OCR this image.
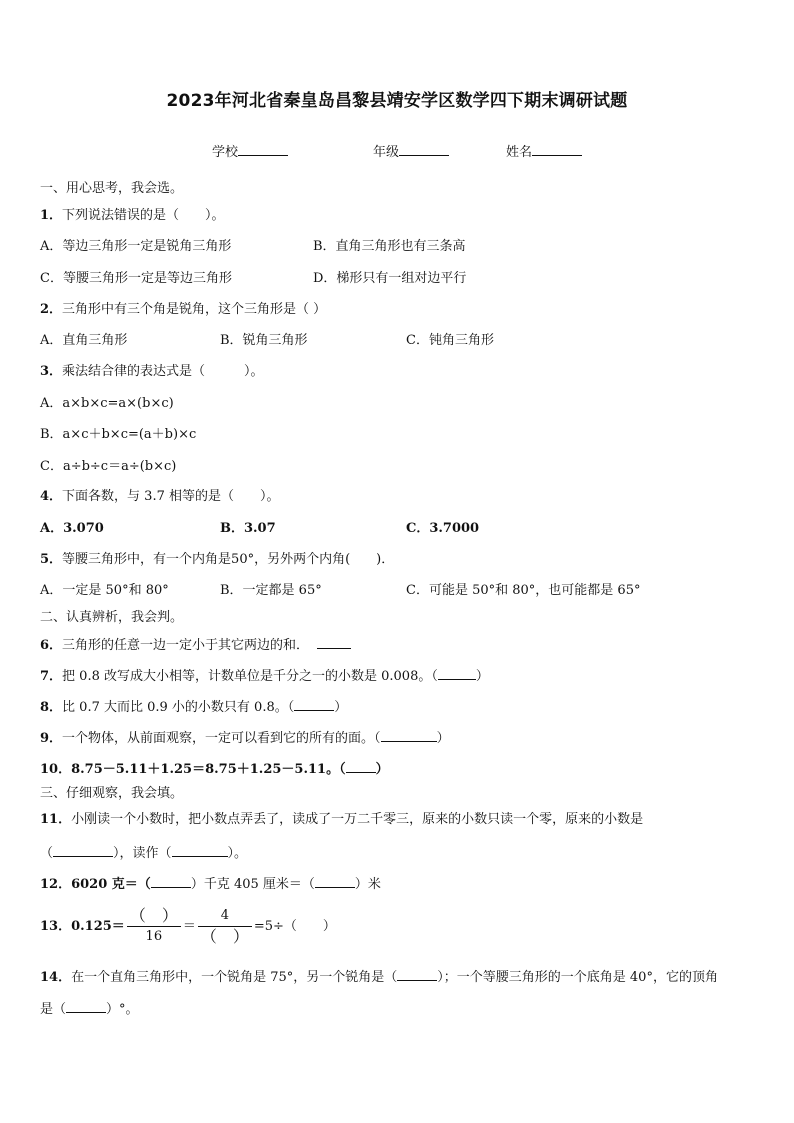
2023年河北省秦皇岛昌黎县靖安学区数学四下期末调研试题
学校	年级	姓名
一、用心思考，我会选。
1．下列说法错误的是（　　）。
A．等边三角形一定是锐角三角形	B．直角三角形也有三条高
C．等腰三角形一定是等边三角形	D．梯形只有一组对边平行
2．三角形中有三个角是锐角，这个三角形是（ ）
A．直角三角形	B．锐角三角形	C．钝角三角形
3．乘法结合律的表达式是（　　　）。
A．a×b×c=a×(b×c)
B．a×c＋b×c=(a＋b)×c
C．a÷b÷c＝a÷(b×c)
4．下面各数，与 3.7 相等的是（　　）。
A．3.070	B．3.07	C．3.7000
5．等腰三角形中，有一个内角是50°，另外两个内角(　　)．
A．一定是 50°和 80°	B．一定都是 65°	C．可能是 50°和 80°，也可能都是 65°
二、认真辨析，我会判。
6．三角形的任意一边一定小于其它两边的和．
7．把 0.8 改写成大小相等，计数单位是千分之一的小数是 0.008。（	）
8．比 0.7 大而比 0.9 小的小数只有 0.8。（	）
9．一个物体，从前面观察，一定可以看到它的所有的面。（	）
10．8.75－5.11＋1.25＝8.75＋1.25－5.11。（ ）
三、仔细观察，我会填。
11．小刚读一个小数时，把小数点弄丢了，读成了一万二千零三，原来的小数只读一个零，原来的小数是
（	），读作（	）。
12．6020 克＝（	）千克 405 厘米＝（	）米
13．$0.125= \frac{( )}{16} = \frac{4}{( )} =5\div$（　　）
14．在一个直角三角形中，一个锐角是 75°，另一个锐角是（	）；一个等腰三角形的一个底角是 40°，它的顶角
是（	）°。
